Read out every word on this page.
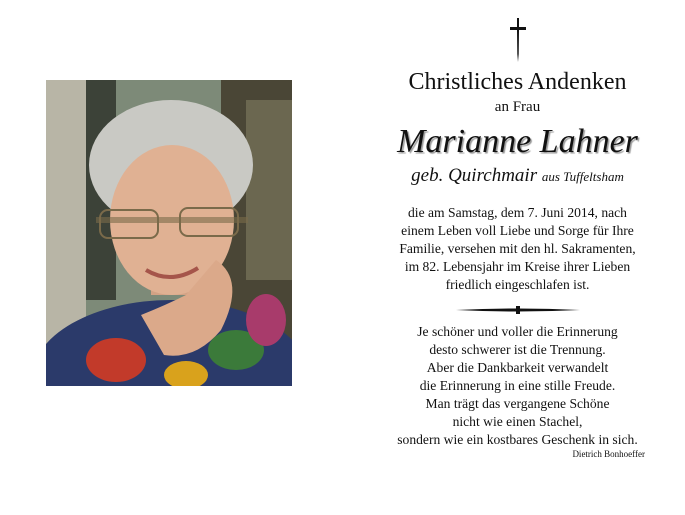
Christliches Andenken
an Frau
Marianne Lahner
geb. Quirchmair aus Tuffeltsham
die am Samstag, dem 7. Juni 2014, nach
einem Leben voll Liebe und Sorge für Ihre
Familie, versehen mit den hl. Sakramenten,
im 82. Lebensjahr im Kreise ihrer Lieben
friedlich eingeschlafen ist.
Je schöner und voller die Erinnerung
desto schwerer ist die Trennung.
Aber die Dankbarkeit verwandelt
die Erinnerung in eine stille Freude.
Man trägt das vergangene Schöne
nicht wie einen Stachel,
sondern wie ein kostbares Geschenk in sich.
Dietrich Bonhoeffer
